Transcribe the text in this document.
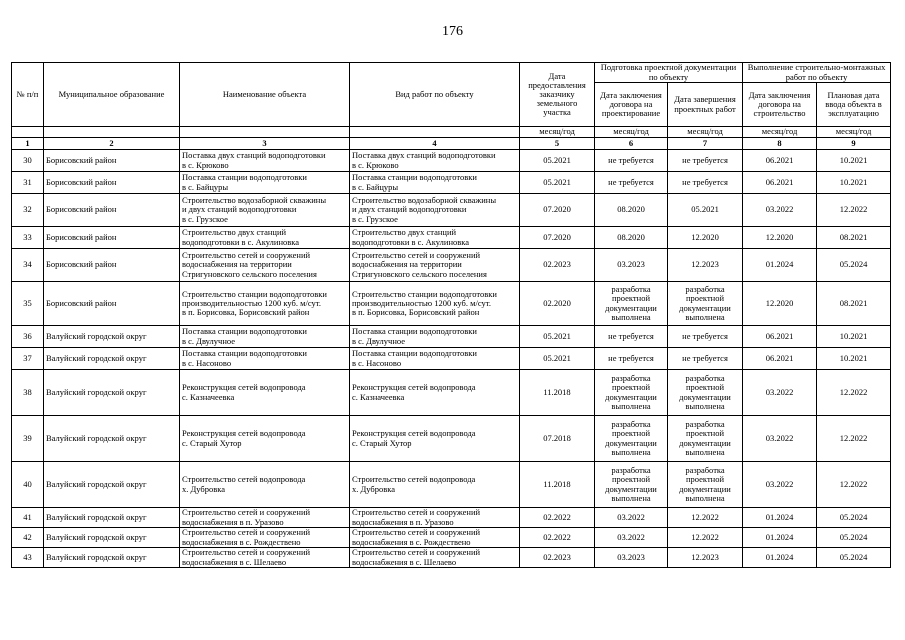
176
№ п/п	Муниципальное образование	Наименование объекта	Вид работ по объекту	Дата предоставления заказчику земельного участка	Подготовка проектной документации по объекту		Выполнение строительно-монтажных работ по объекту	
					Дата заключения договора на проектирование	Дата завершения проектных работ	Дата заключения договора на строительство	Плановая дата ввода объекта в эксплуатацию
				месяц/год	месяц/год	месяц/год	месяц/год	месяц/год
1	2	3	4	5	6	7	8	9
30	Борисовский район	Поставка двух станций водоподготовки
в с. Крюково	Поставка двух станций водоподготовки
в с. Крюково	05.2021	не требуется	не требуется	06.2021	10.2021
31	Борисовский район	Поставка станции водоподготовки
в с. Байцуры	Поставка станции водоподготовки
в с. Байцуры	05.2021	не требуется	не требуется	06.2021	10.2021
32	Борисовский район	Строительство водозаборной скважины
и двух станций водоподготовки
в с. Грузское	Строительство водозаборной скважины
и двух станций водоподготовки
в с. Грузское	07.2020	08.2020	05.2021	03.2022	12.2022
33	Борисовский район	Строительство двух станций
водоподготовки в с. Акулиновка	Строительство двух станций
водоподготовки в с. Акулиновка	07.2020	08.2020	12.2020	12.2020	08.2021
34	Борисовский район	Строительство сетей и сооружений
водоснабжения на территории
Стригуновского сельского поселения	Строительство сетей и сооружений
водоснабжения на территории
Стригуновского сельского поселения	02.2023	03.2023	12.2023	01.2024	05.2024
35	Борисовский район	Строительство станции водоподготовки
производительностью 1200 куб. м/сут.
в п. Борисовка, Борисовский район	Строительство станции водоподготовки
производительностью 1200 куб. м/сут.
в п. Борисовка, Борисовский район	02.2020	разработка
проектной
документации
выполнена	разработка
проектной
документации
выполнена	12.2020	08.2021
36	Валуйский городской округ	Поставка станции водоподготовки
в с. Двулучное	Поставка станции водоподготовки
в с. Двулучное	05.2021	не требуется	не требуется	06.2021	10.2021
37	Валуйский городской округ	Поставка станции водоподготовки
в с. Насоново	Поставка станции водоподготовки
в с. Насоново	05.2021	не требуется	не требуется	06.2021	10.2021
38	Валуйский городской округ	Реконструкция сетей водопровода
с. Казначеевка	Реконструкция сетей водопровода
с. Казначеевка	11.2018	разработка
проектной
документации
выполнена	разработка
проектной
документации
выполнена	03.2022	12.2022
39	Валуйский городской округ	Реконструкция сетей водопровода
с. Старый Хутор	Реконструкция сетей водопровода
с. Старый Хутор	07.2018	разработка
проектной
документации
выполнена	разработка
проектной
документации
выполнена	03.2022	12.2022
40	Валуйский городской округ	Строительство сетей водопровода
х. Дубровка	Строительство сетей водопровода
х. Дубровка	11.2018	разработка
проектной
документации
выполнена	разработка
проектной
документации
выполнена	03.2022	12.2022
41	Валуйский городской округ	Строительство сетей и сооружений
водоснабжения в п. Уразово	Строительство сетей и сооружений
водоснабжения в п. Уразово	02.2022	03.2022	12.2022	01.2024	05.2024
42	Валуйский городской округ	Строительство сетей и сооружений
водоснабжения в с. Рождествено	Строительство сетей и сооружений
водоснабжения в с. Рождествено	02.2022	03.2022	12.2022	01.2024	05.2024
43	Валуйский городской округ	Строительство сетей и сооружений
водоснабжения в с. Шелаево	Строительство сетей и сооружений
водоснабжения в с. Шелаево	02.2023	03.2023	12.2023	01.2024	05.2024
